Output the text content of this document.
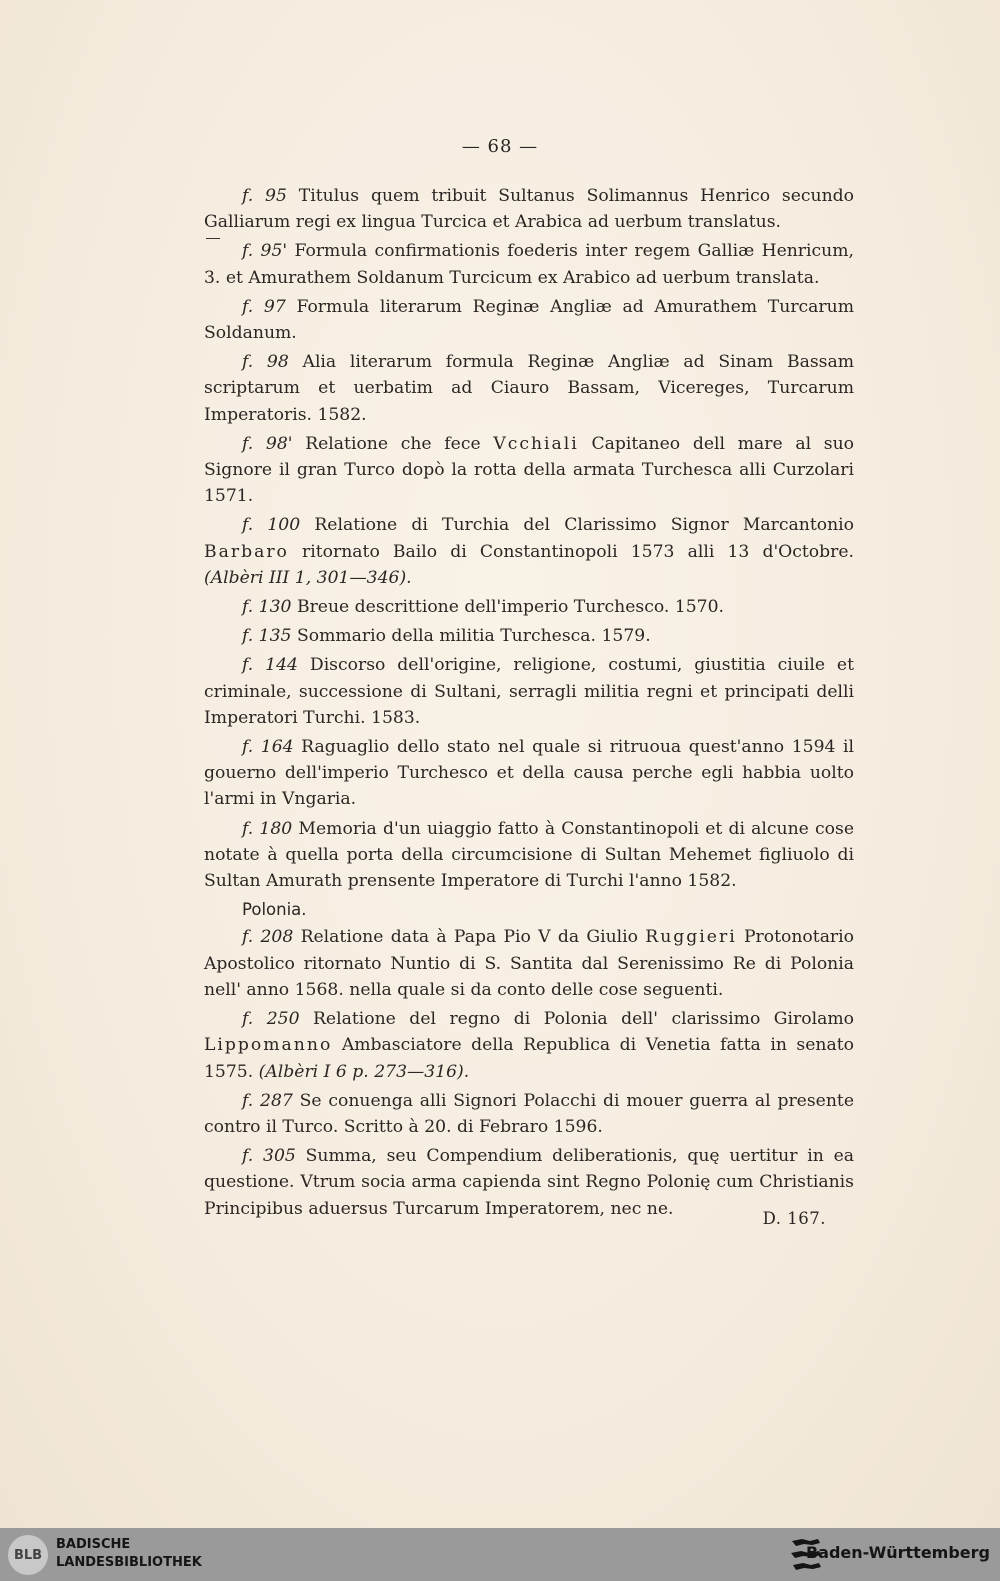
— 68 —

f. 95 Titulus quem tribuit Sultanus Solimannus Henrico secundo Galliarum regi ex lingua Turcica et Arabica ad uerbum translatus.

f. 95' Formula confirmationis foederis inter regem Galliæ Henricum, 3. et Amurathem Soldanum Turcicum ex Arabico ad uerbum translata.

f. 97 Formula literarum Reginæ Angliæ ad Amurathem Turcarum Soldanum.

f. 98 Alia literarum formula Reginæ Angliæ ad Sinam Bassam scriptarum et uerbatim ad Ciauro Bassam, Vicereges, Turcarum Imperatoris. 1582.

f. 98' Relatione che fece Vcchiali Capitaneo dell mare al suo Signore il gran Turco dopò la rotta della armata Turchesca alli Curzolari 1571.

f. 100 Relatione di Turchia del Clarissimo Signor Marcantonio Barbaro ritornato Bailo di Constantinopoli 1573 alli 13 d'Octobre. (Albèri III 1, 301—346).

f. 130 Breue descrittione dell'imperio Turchesco. 1570.

f. 135 Sommario della militia Turchesca. 1579.

f. 144 Discorso dell'origine, religione, costumi, giustitia ciuile et criminale, successione di Sultani, serragli militia regni et principati delli Imperatori Turchi. 1583.

f. 164 Raguaglio dello stato nel quale si ritruoua quest'anno 1594 il gouerno dell'imperio Turchesco et della causa perche egli habbia uolto l'armi in Vngaria.

f. 180 Memoria d'un uiaggio fatto à Constantinopoli et di alcune cose notate à quella porta della circumcisione di Sultan Mehemet figliuolo di Sultan Amurath prensente Imperatore di Turchi l'anno 1582.

Polonia.

f. 208 Relatione data à Papa Pio V da Giulio Ruggieri Protonotario Apostolico ritornato Nuntio di S. Santita dal Serenissimo Re di Polonia nell' anno 1568. nella quale si da conto delle cose seguenti.

f. 250 Relatione del regno di Polonia dell' clarissimo Girolamo Lippomanno Ambasciatore della Republica di Venetia fatta in senato 1575. (Albèri I 6 p. 273—316).

f. 287 Se conuenga alli Signori Polacchi di mouer guerra al presente contro il Turco. Scritto à 20. di Febraro 1596.

f. 305 Summa, seu Compendium deliberationis, quę uertitur in ea questione. Vtrum socia arma capienda sint Regno Polonię cum Christianis Principibus aduersus Turcarum Imperatorem, nec ne.	D. 167.
BLB
BADISCHE
LANDESBIBLIOTHEK
Baden-Württemberg
